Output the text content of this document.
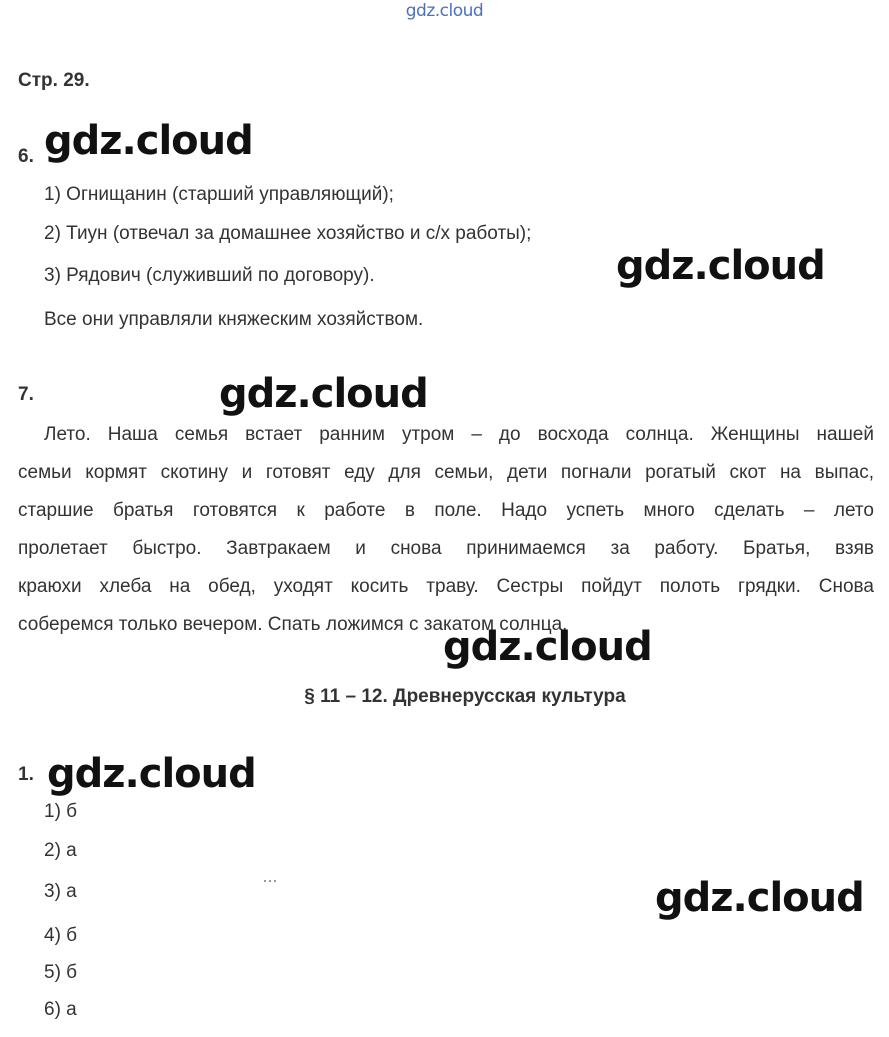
gdz.cloud
Стр. 29.
6. gdz.cloud
1) Огнищанин (старший управляющий);
2) Тиун (отвечал за домашнее хозяйство и с/х работы);
3) Рядович (служивший по договору).	gdz.cloud
Все они управляли княжеским хозяйством.
7.	gdz.cloud
Лето. Наша семья встает ранним утром – до восхода солнца. Женщины нашей
семьи кормят скотину и готовят еду для семьи, дети погнали рогатый скот на выпас,
старшие братья готовятся к работе в поле. Надо успеть много сделать – лето
пролетает быстро. Завтракаем и снова принимаемся за работу. Братья, взяв
краюхи хлеба на обед, уходят косить траву. Сестры пойдут полоть грядки. Снова
соберемся только вечером. Спать ложимся с закатом солнца.
gdz.cloud
§ 11 – 12. Древнерусская культура
1. gdz.cloud
1) б
2) а
3) а
4) б
5) б
6) а
gdz.cloud
